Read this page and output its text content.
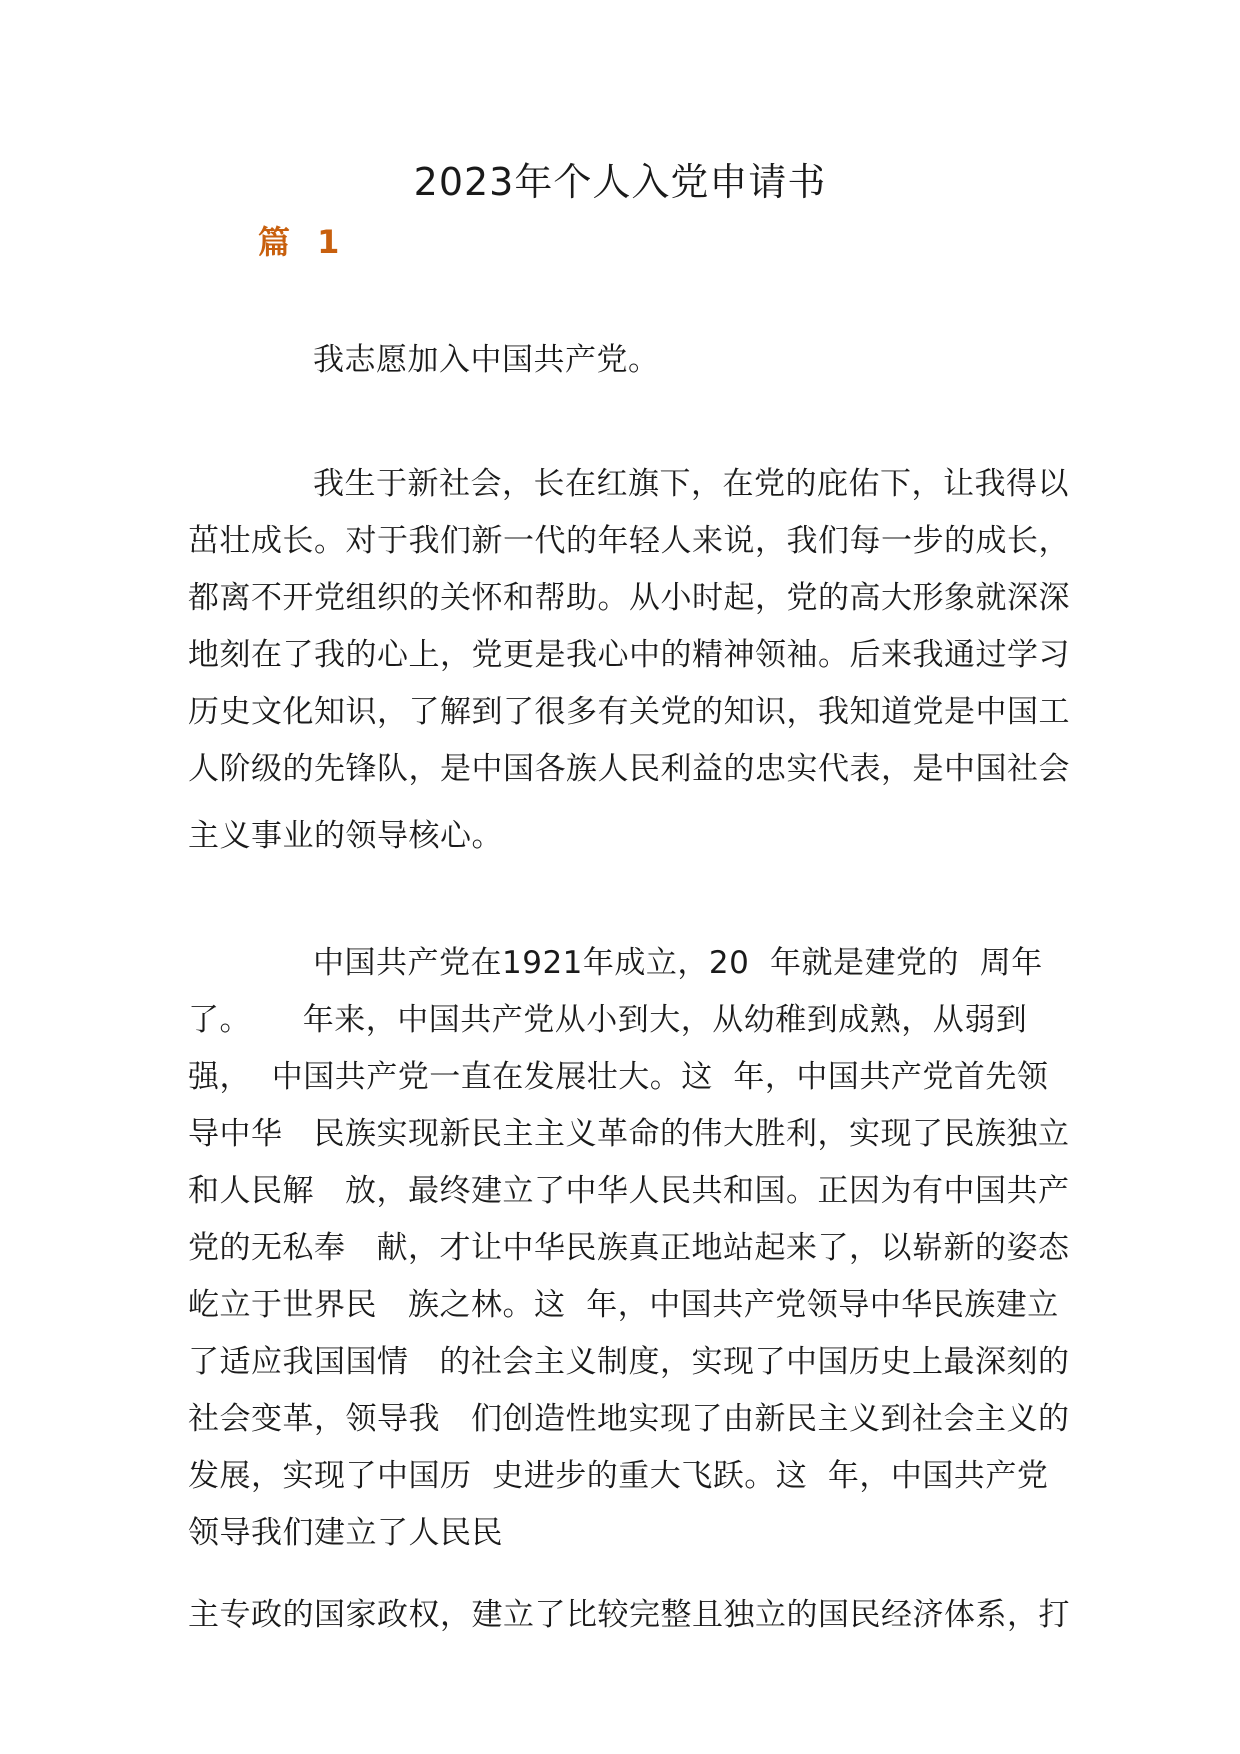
2023年个人入党申请书
篇 1
我志愿加入中国共产党。
我生于新社会，长在红旗下，在党的庇佑下，让我得以
茁壮成长。对于我们新一代的年轻人来说，我们每一步的成长，
都离不开党组织的关怀和帮助。从小时起，党的高大形象就深深
地刻在了我的心上，党更是我心中的精神领袖。后来我通过学习
历史文化知识，了解到了很多有关党的知识，我知道党是中国工
人阶级的先锋队，是中国各族人民利益的忠实代表，是中国社会
主义事业的领导核心。
中国共产党在1921年成立，20  年就是建党的  周年
了。     年来，中国共产党从小到大，从幼稚到成熟，从弱到
强，  中国共产党一直在发展壮大。这  年，中国共产党首先领
导中华   民族实现新民主主义革命的伟大胜利，实现了民族独立
和人民解   放，最终建立了中华人民共和国。正因为有中国共产
党的无私奉   献，才让中华民族真正地站起来了，以崭新的姿态
屹立于世界民   族之林。这  年，中国共产党领导中华民族建立
了适应我国国情   的社会主义制度，实现了中国历史上最深刻的
社会变革，领导我   们创造性地实现了由新民主义到社会主义的
发展，实现了中国历  史进步的重大飞跃。这  年，中国共产党
领导我们建立了人民民
主专政的国家政权，建立了比较完整且独立的国民经济体系，打
